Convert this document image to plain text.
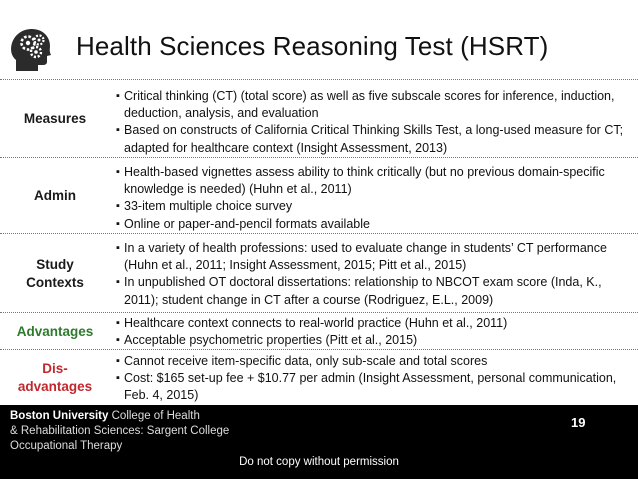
Health Sciences Reasoning Test (HSRT)
Measures
▪ Critical thinking (CT) (total score) as well as five subscale scores for inference, induction, deduction, analysis, and evaluation
▪ Based on constructs of California Critical Thinking Skills Test, a long-used measure for CT; adapted for healthcare context (Insight Assessment, 2013)
Admin
▪ Health-based vignettes assess ability to think critically (but no previous domain-specific knowledge is needed) (Huhn et al., 2011)
▪ 33-item multiple choice survey
▪ Online or paper-and-pencil formats available
Study
Contexts
▪ In a variety of health professions: used to evaluate change in students’ CT performance (Huhn et al., 2011; Insight Assessment, 2015; Pitt et al., 2015)
▪ In unpublished OT doctoral dissertations: relationship to NBCOT exam score (Inda, K., 2011); student change in CT after a course (Rodriguez, E.L., 2009)
Advantages
▪ Healthcare context connects to real-world practice (Huhn et al., 2011)
▪ Acceptable psychometric properties (Pitt et al., 2015)
Dis-
advantages
▪ Cannot receive item-specific data, only sub-scale and total scores
▪ Cost: $165 set-up fee + $10.77 per admin (Insight Assessment, personal communication, Feb. 4, 2015)
Boston University College of Health
& Rehabilitation Sciences: Sargent College
Occupational Therapy
19
Do not copy without permission
